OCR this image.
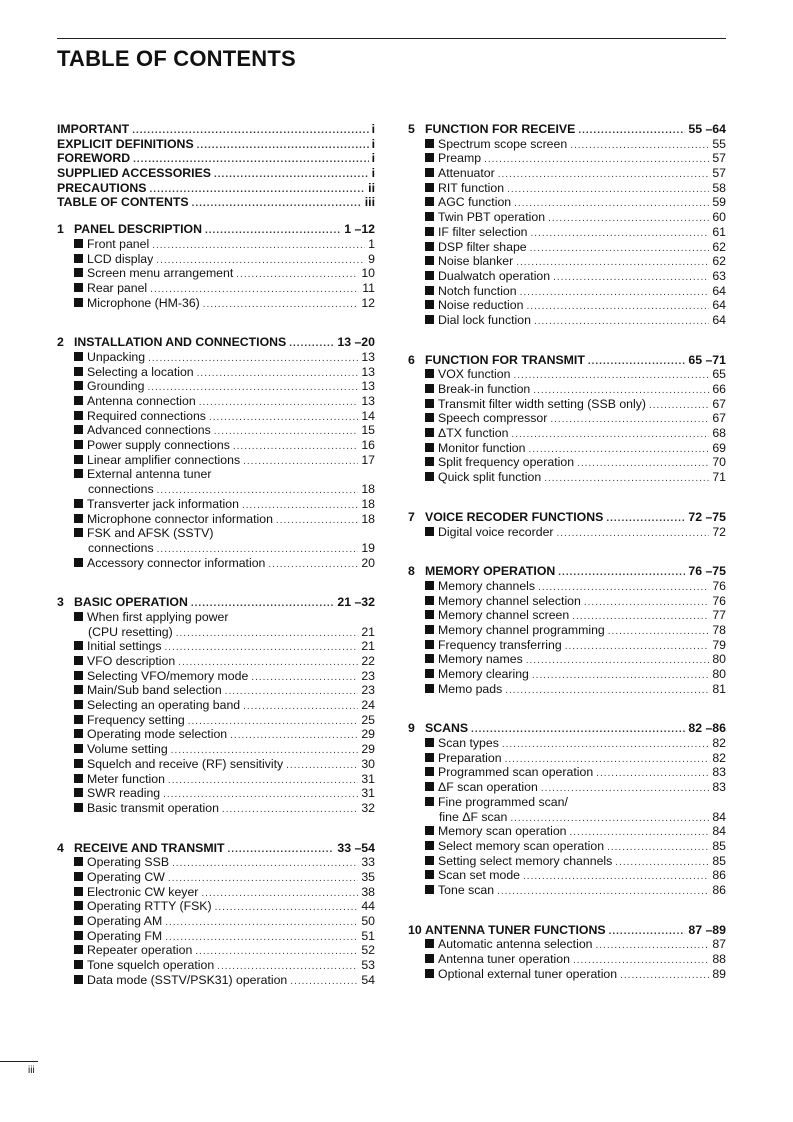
TABLE OF CONTENTS
IMPORTANT .....	i
EXPLICIT DEFINITIONS .....	i
FOREWORD .....	i
SUPPLIED ACCESSORIES .....	i
PRECAUTIONS .....	ii
TABLE OF CONTENTS .....	iii
1 PANEL DESCRIPTION .....	1 –12
Front panel .....	1
LCD display .....	9
Screen menu arrangement .....	10
Rear panel .....	11
Microphone (HM-36) .....	12
2 INSTALLATION AND CONNECTIONS .....	13 –20
Unpacking .....	13
Selecting a location .....	13
Grounding .....	13
Antenna connection .....	13
Required connections .....	14
Advanced connections .....	15
Power supply connections .....	16
Linear amplifier connections .....	17
External antenna tuner
connections .....	18
Transverter jack information .....	18
Microphone connector information .....	18
FSK and AFSK (SSTV)
connections .....	19
Accessory connector information .....	20
3 BASIC OPERATION .....	21 –32
When first applying power
(CPU resetting) .....	21
Initial settings .....	21
VFO description .....	22
Selecting VFO/memory mode .....	23
Main/Sub band selection .....	23
Selecting an operating band .....	24
Frequency setting .....	25
Operating mode selection .....	29
Volume setting .....	29
Squelch and receive (RF) sensitivity .....	30
Meter function .....	31
SWR reading .....	31
Basic transmit operation .....	32
4 RECEIVE AND TRANSMIT .....	33 –54
Operating SSB .....	33
Operating CW .....	35
Electronic CW keyer .....	38
Operating RTTY (FSK) .....	44
Operating AM .....	50
Operating FM .....	51
Repeater operation .....	52
Tone squelch operation .....	53
Data mode (SSTV/PSK31) operation .....	54
5 FUNCTION FOR RECEIVE .....	55 –64
Spectrum scope screen .....	55
Preamp .....	57
Attenuator .....	57
RIT function .....	58
AGC function .....	59
Twin PBT operation .....	60
IF filter selection .....	61
DSP filter shape .....	62
Noise blanker .....	62
Dualwatch operation .....	63
Notch function .....	64
Noise reduction .....	64
Dial lock function .....	64
6 FUNCTION FOR TRANSMIT .....	65 –71
VOX function .....	65
Break-in function .....	66
Transmit filter width setting (SSB only) .....	67
Speech compressor .....	67
ΔTX function .....	68
Monitor function .....	69
Split frequency operation .....	70
Quick split function .....	71
7 VOICE RECODER FUNCTIONS .....	72 –75
Digital voice recorder .....	72
8 MEMORY OPERATION .....	76 –75
Memory channels .....	76
Memory channel selection .....	76
Memory channel screen .....	77
Memory channel programming .....	78
Frequency transferring .....	79
Memory names .....	80
Memory clearing .....	80
Memo pads .....	81
9 SCANS .....	82 –86
Scan types .....	82
Preparation .....	82
Programmed scan operation .....	83
ΔF scan operation .....	83
Fine programmed scan/
fine ΔF scan .....	84
Memory scan operation .....	84
Select memory scan operation .....	85
Setting select memory channels .....	85
Scan set mode .....	86
Tone scan .....	86
10 ANTENNA TUNER FUNCTIONS .....	87 –89
Automatic antenna selection .....	87
Antenna tuner operation .....	88
Optional external tuner operation .....	89
iii
